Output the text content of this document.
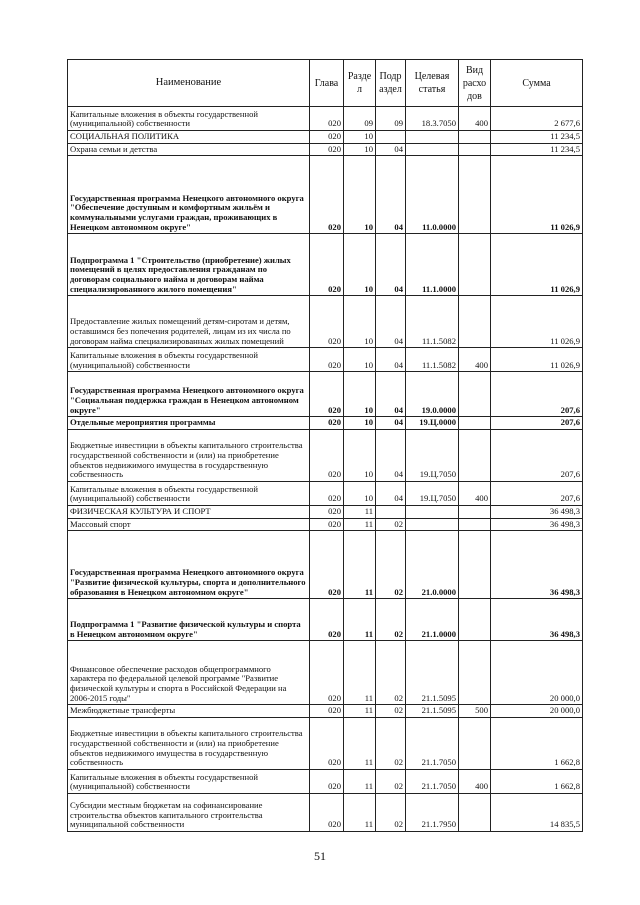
Наименование	Глава	Разде л	Подр аздел	Целевая статья	Вид расхо дов	Сумма
Капитальные вложения в объекты государственной (муниципальной) собственности	020	09	09	18.3.7050	400	2 677,6
СОЦИАЛЬНАЯ ПОЛИТИКА	020	10				11 234,5
Охрана семьи и детства	020	10	04			11 234,5
Государственная программа Ненецкого автономного округа "Обеспечение доступным и комфортным жильём и коммунальными услугами граждан, проживающих в Ненецком автономном округе"	020	10	04	11.0.0000		11 026,9
Подпрограмма 1 "Строительство (приобретение) жилых помещений в целях предоставления гражданам по договорам социального найма и договорам найма специализированного жилого помещения"	020	10	04	11.1.0000		11 026,9
Предоставление жилых помещений детям-сиротам и детям, оставшимся без попечения родителей, лицам из их числа по договорам найма специализированных жилых помещений	020	10	04	11.1.5082		11 026,9
Капитальные вложения в объекты государственной (муниципальной) собственности	020	10	04	11.1.5082	400	11 026,9
Государственная программа Ненецкого автономного округа "Социальная поддержка граждан в Ненецком автономном округе"	020	10	04	19.0.0000		207,6
Отдельные мероприятия программы	020	10	04	19.Ц.0000		207,6
Бюджетные инвестиции в объекты капитального строительства государственной собственности и (или) на приобретение объектов недвижимого имущества в государственную собственность	020	10	04	19.Ц.7050		207,6
Капитальные вложения в объекты государственной (муниципальной) собственности	020	10	04	19.Ц.7050	400	207,6
ФИЗИЧЕСКАЯ КУЛЬТУРА И СПОРТ	020	11				36 498,3
Массовый спорт	020	11	02			36 498,3
Государственная программа Ненецкого автономного округа "Развитие физической культуры, спорта и дополнительного образования в Ненецком автономном округе"	020	11	02	21.0.0000		36 498,3
Подпрограмма 1 "Развитие физической культуры и спорта в Ненецком автономном округе"	020	11	02	21.1.0000		36 498,3
Финансовое обеспечение расходов общепрограммного характера по федеральной целевой программе "Развитие физической культуры и спорта в Российской Федерации на 2006-2015 годы"	020	11	02	21.1.5095		20 000,0
Межбюджетные трансферты	020	11	02	21.1.5095	500	20 000,0
Бюджетные инвестиции в объекты капитального строительства государственной собственности и (или) на приобретение объектов недвижимого имущества в государственную собственность	020	11	02	21.1.7050		1 662,8
Капитальные вложения в объекты государственной (муниципальной) собственности	020	11	02	21.1.7050	400	1 662,8
Субсидии местным бюджетам на софинансирование строительства объектов капитального строительства муниципальной собственности	020	11	02	21.1.7950		14 835,5
51
